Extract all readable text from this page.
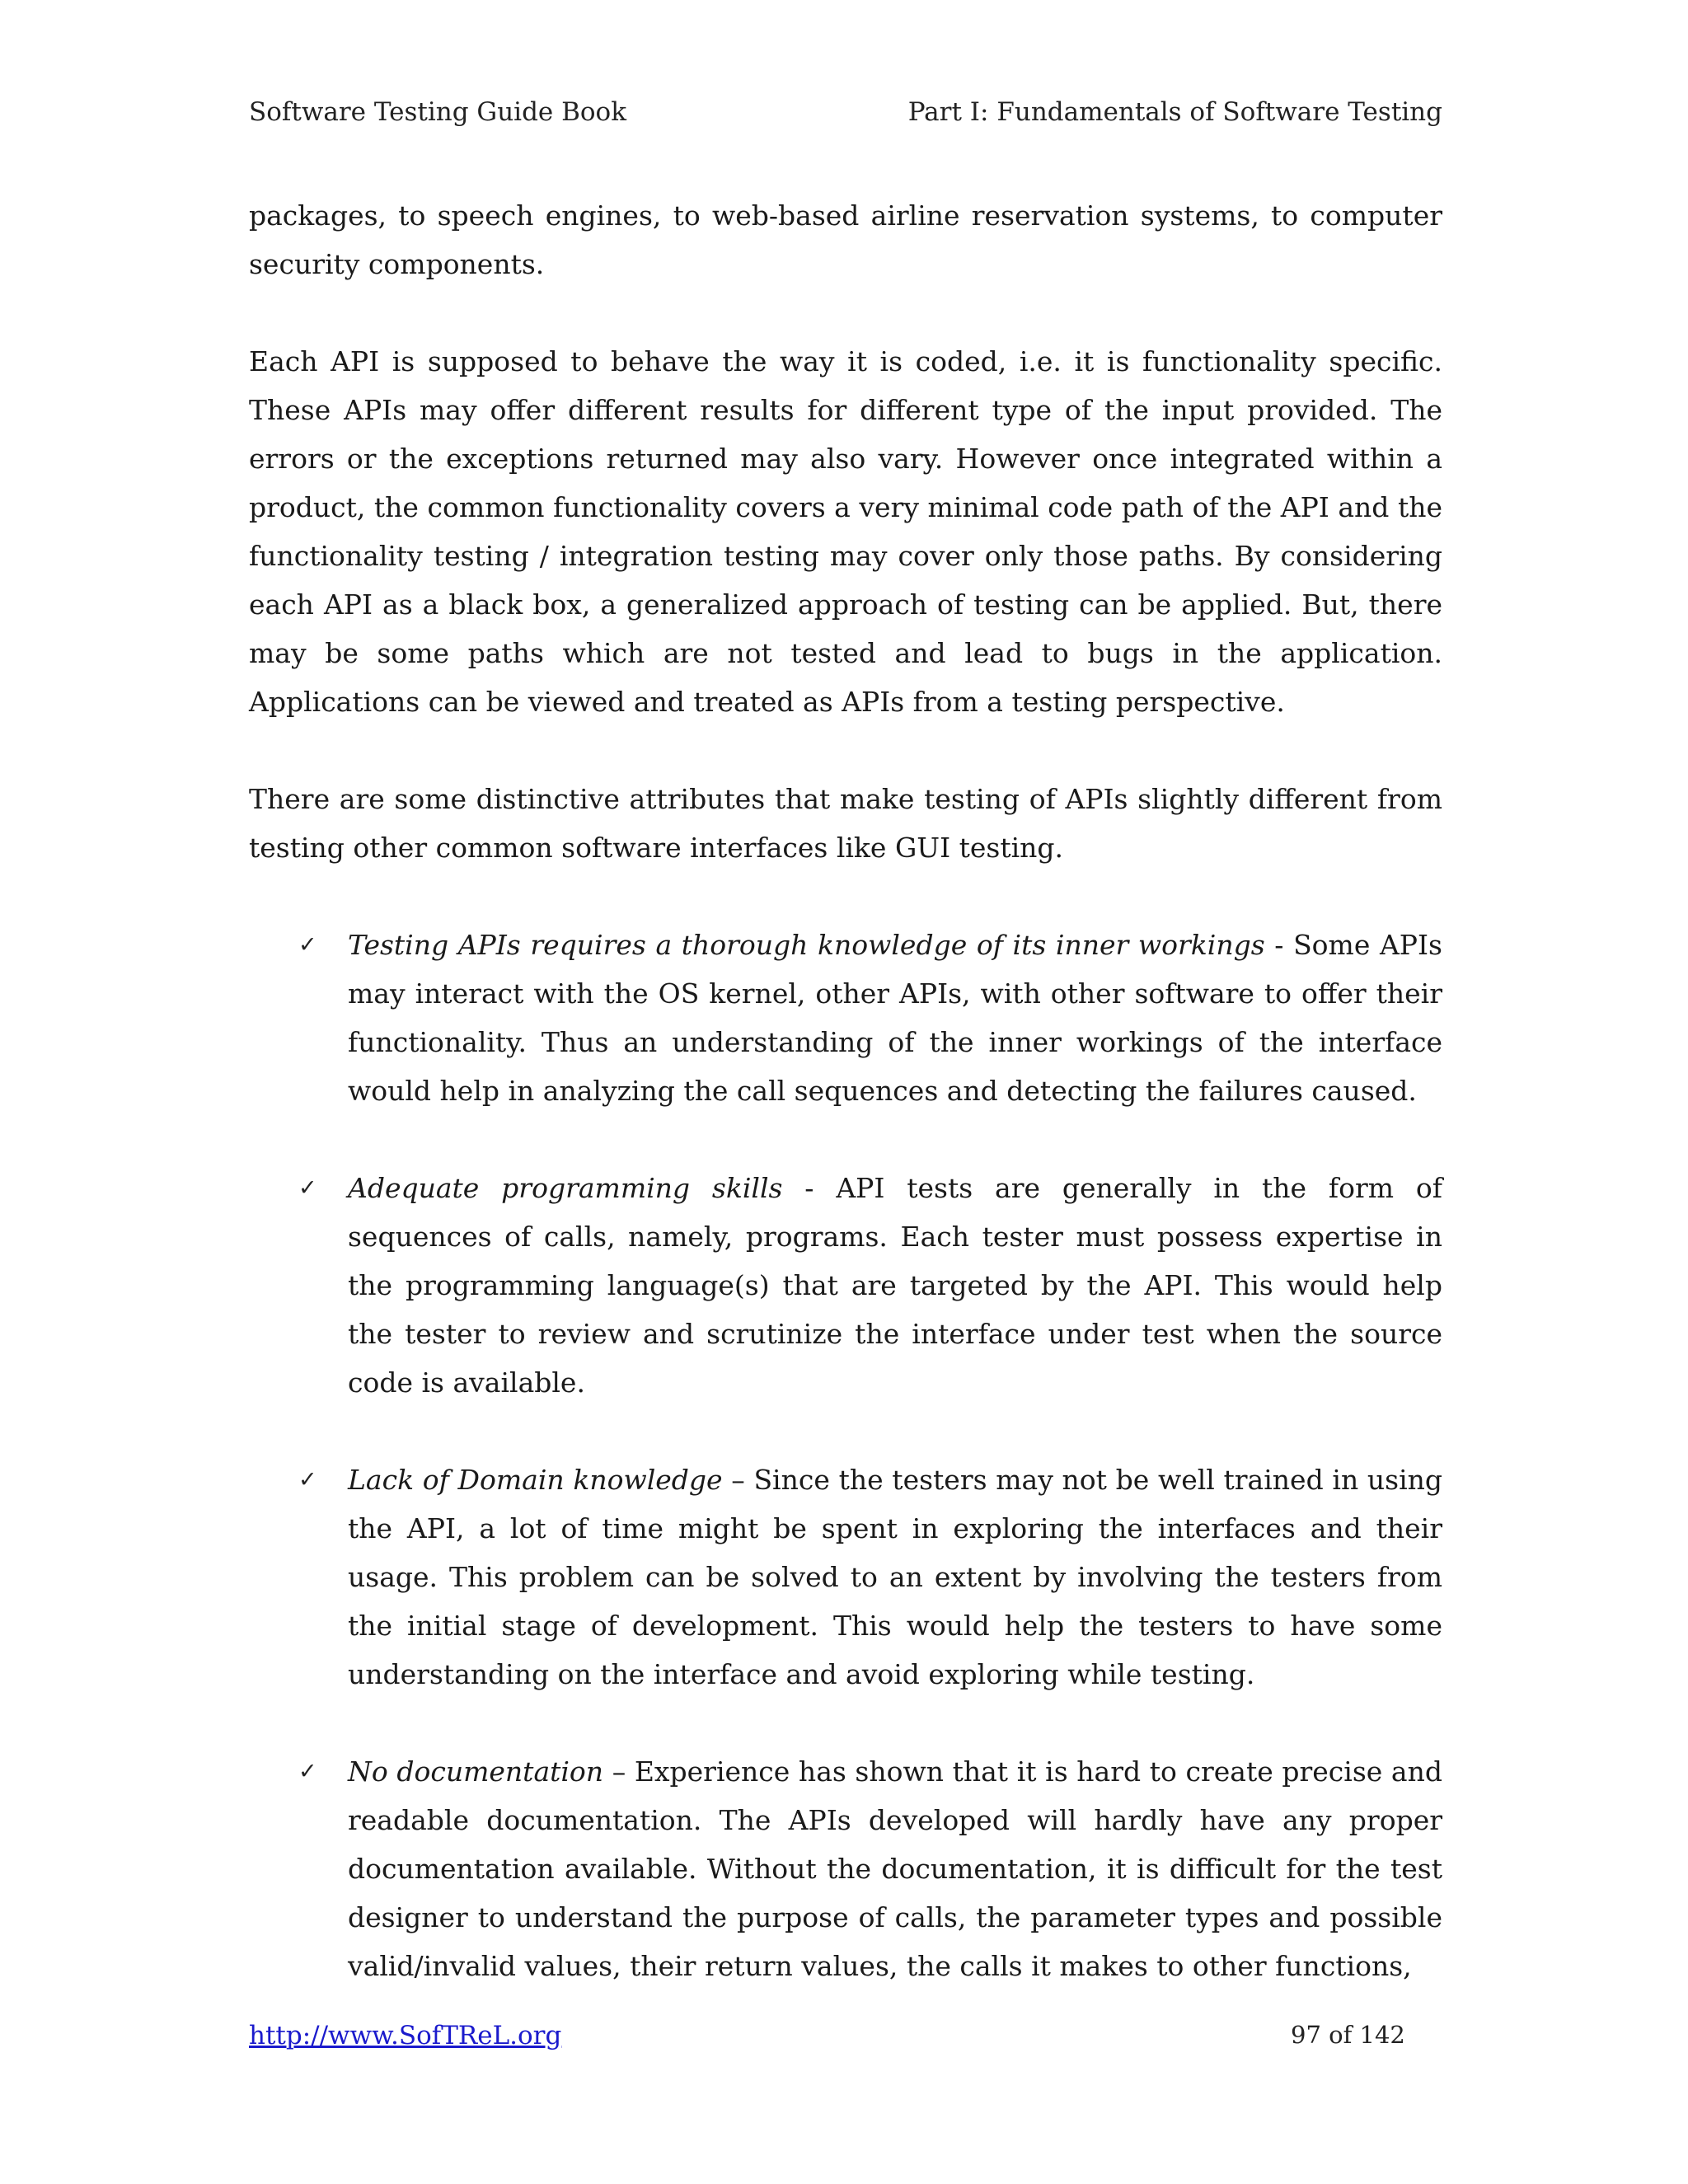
Software Testing Guide Book	Part I: Fundamentals of Software Testing

packages, to speech engines, to web-based airline reservation systems, to computer security components.

Each API is supposed to behave the way it is coded, i.e. it is functionality specific. These APIs may offer different results for different type of the input provided. The errors or the exceptions returned may also vary. However once integrated within a product, the common functionality covers a very minimal code path of the API and the functionality testing / integration testing may cover only those paths. By considering each API as a black box, a generalized approach of testing can be applied. But, there may be some paths which are not tested and lead to bugs in the application. Applications can be viewed and treated as APIs from a testing perspective.

There are some distinctive attributes that make testing of APIs slightly different from testing other common software interfaces like GUI testing.

✓ Testing APIs requires a thorough knowledge of its inner workings - Some APIs may interact with the OS kernel, other APIs, with other software to offer their functionality. Thus an understanding of the inner workings of the interface would help in analyzing the call sequences and detecting the failures caused.
✓ Adequate programming skills - API tests are generally in the form of sequences of calls, namely, programs. Each tester must possess expertise in the programming language(s) that are targeted by the API. This would help the tester to review and scrutinize the interface under test when the source code is available.
✓ Lack of Domain knowledge – Since the testers may not be well trained in using the API, a lot of time might be spent in exploring the interfaces and their usage. This problem can be solved to an extent by involving the testers from the initial stage of development. This would help the testers to have some understanding on the interface and avoid exploring while testing.
✓ No documentation – Experience has shown that it is hard to create precise and readable documentation. The APIs developed will hardly have any proper documentation available. Without the documentation, it is difficult for the test designer to understand the purpose of calls, the parameter types and possible valid/invalid values, their return values, the calls it makes to other functions,
http://www.SofTReL.org	97 of 142
